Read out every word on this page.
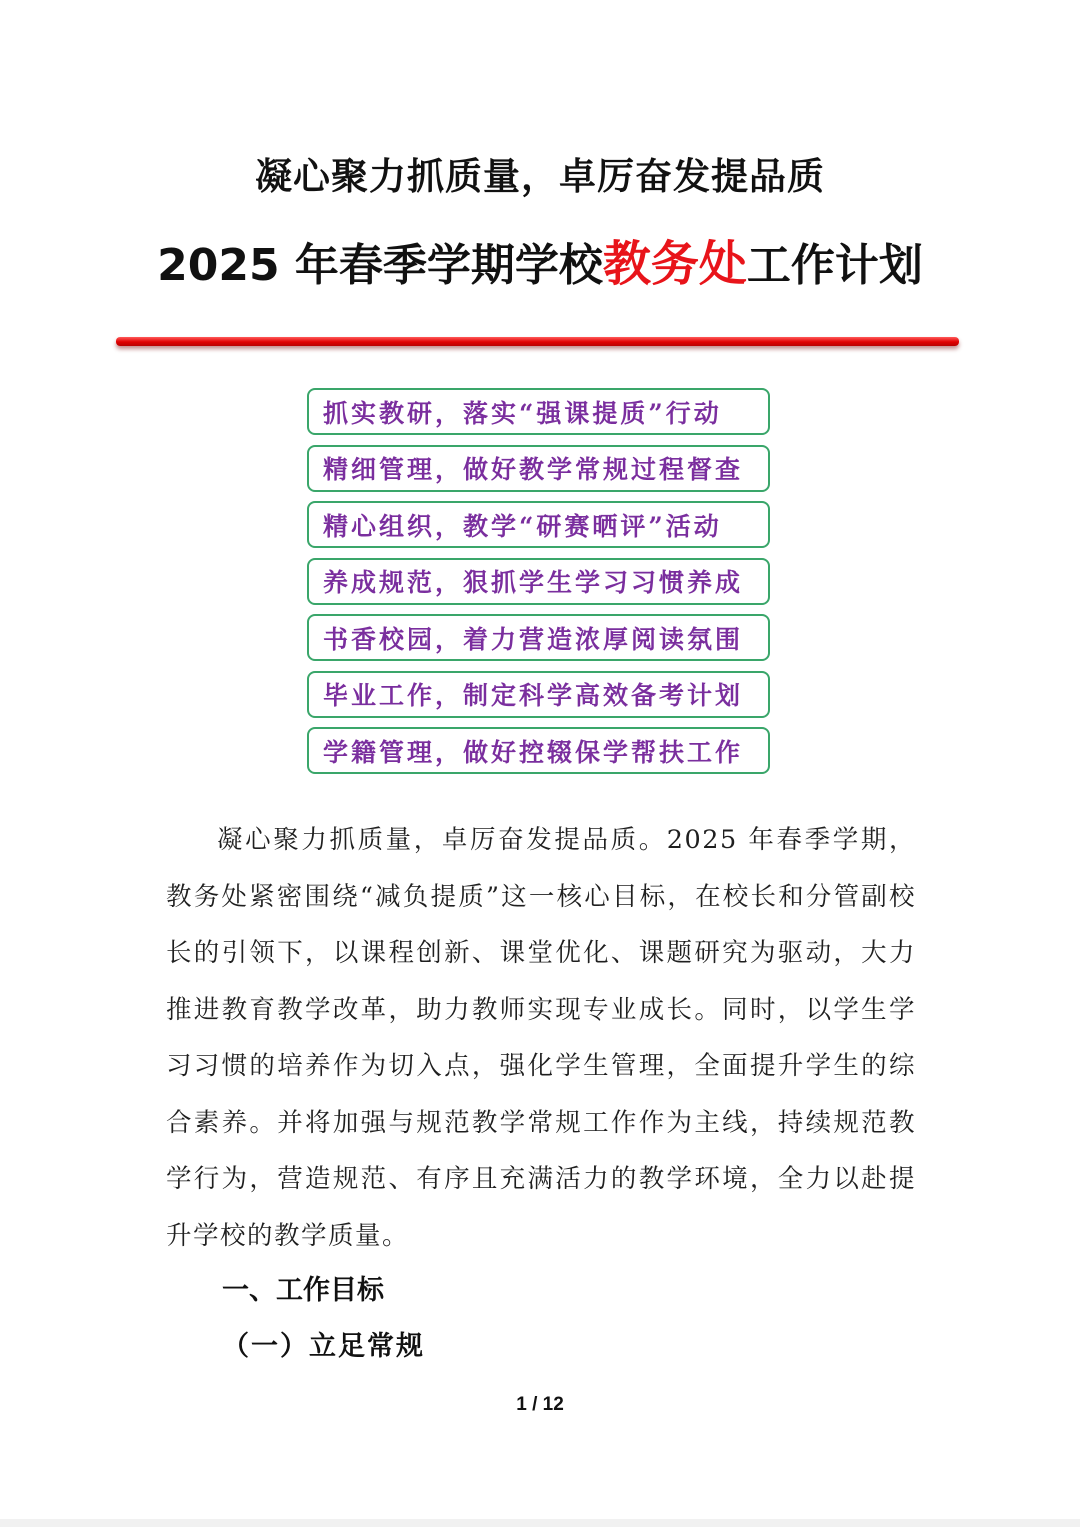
凝心聚力抓质量，卓厉奋发提品质
2025 年春季学期学校教务处工作计划
抓实教研，落实“强课提质”行动
精细管理，做好教学常规过程督查
精心组织，教学“研赛晒评”活动
养成规范，狠抓学生学习习惯养成
书香校园，着力营造浓厚阅读氛围
毕业工作，制定科学高效备考计划
学籍管理，做好控辍保学帮扶工作

凝心聚力抓质量，卓厉奋发提品质。2025 年春季学期，教务处紧密围绕“减负提质”这一核心目标，在校长和分管副校长的引领下，以课程创新、课堂优化、课题研究为驱动，大力推进教育教学改革，助力教师实现专业成长。同时，以学生学习习惯的培养作为切入点，强化学生管理，全面提升学生的综合素养。并将加强与规范教学常规工作作为主线，持续规范教学行为，营造规范、有序且充满活力的教学环境，全力以赴提升学校的教学质量。

一、工作目标
（一）立足常规
1 / 12
